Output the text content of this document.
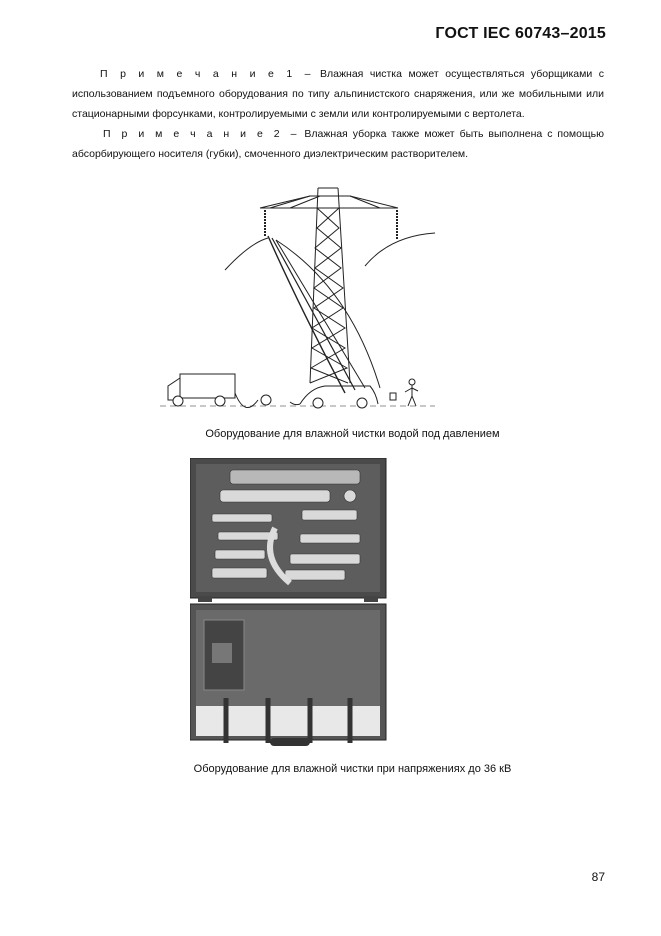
ГОСТ IEC 60743–2015

П р и м е ч а н и е 1 – Влажная чистка может осуществляться уборщиками с использованием подъемного оборудования по типу альпинистского снаряжения, или же мобильными или стационарными форсунками, контролируемыми с земли или контролируемыми с вертолета.

П р и м е ч а н и е 2 – Влажная уборка также может быть выполнена с помощью абсорбирующего носителя (губки), смоченного диэлектрическим растворителем.

Оборудование для влажной чистки водой под давлением
Оборудование для влажной чистки при напряжениях до 36 кВ
87
